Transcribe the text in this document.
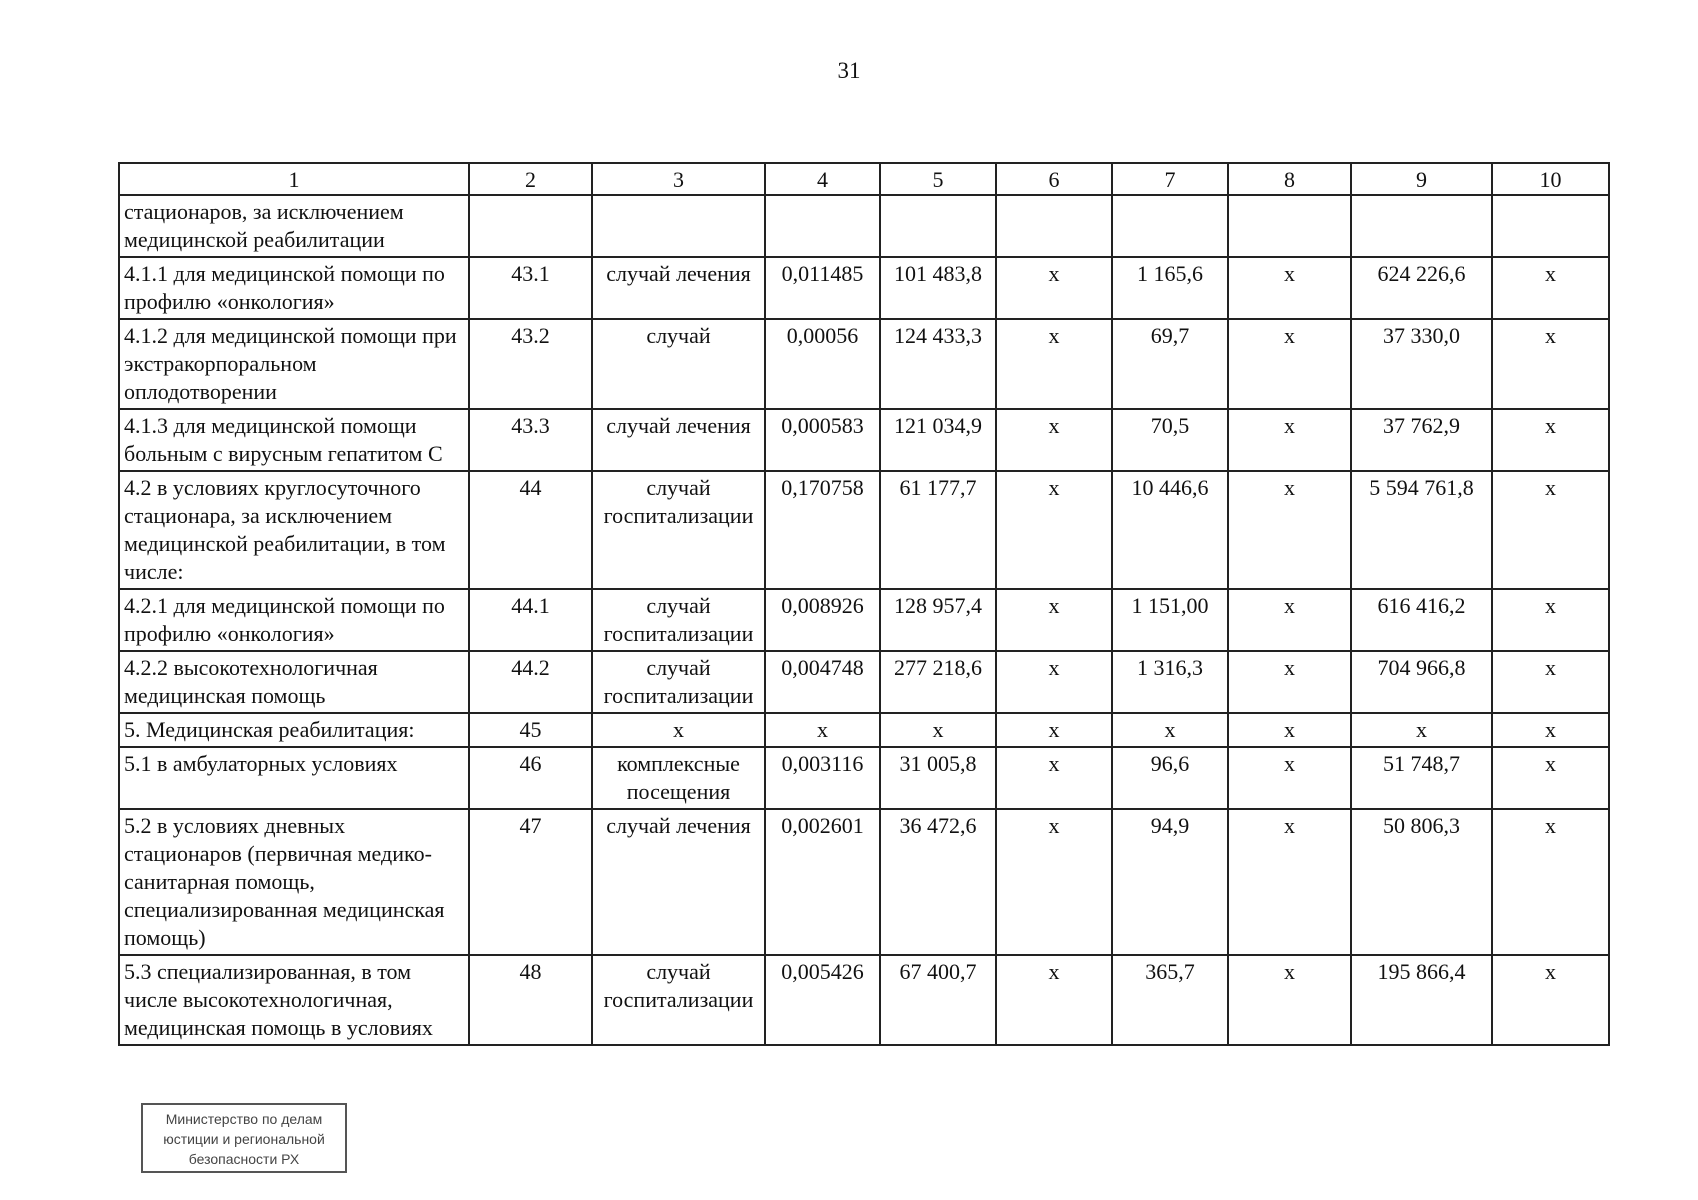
31
1	2	3	4	5	6	7	8	9	10
стационаров, за исключением медицинской реабилитации									
4.1.1 для медицинской помощи по профилю «онкология»	43.1	случай лечения	0,011485	101 483,8	х	1 165,6	х	624 226,6	х
4.1.2 для медицинской помощи при экстракорпоральном оплодотворении	43.2	случай	0,00056	124 433,3	х	69,7	х	37 330,0	х
4.1.3 для медицинской помощи больным с вирусным гепатитом С	43.3	случай лечения	0,000583	121 034,9	х	70,5	х	37 762,9	х
4.2 в условиях круглосуточного стационара, за исключением медицинской реабилитации, в том числе:	44	случай госпитализации	0,170758	61 177,7	х	10 446,6	х	5 594 761,8	х
4.2.1 для медицинской помощи по профилю «онкология»	44.1	случай госпитализации	0,008926	128 957,4	х	1 151,00	х	616 416,2	х
4.2.2 высокотехнологичная медицинская помощь	44.2	случай госпитализации	0,004748	277 218,6	х	1 316,3	х	704 966,8	х
5. Медицинская реабилитация:	45	х	х	х	х	х	х	х	х
5.1 в амбулаторных условиях	46	комплексные посещения	0,003116	31 005,8	х	96,6	х	51 748,7	х
5.2 в условиях дневных стационаров (первичная медико-санитарная помощь, специализированная медицинская помощь)	47	случай лечения	0,002601	36 472,6	х	94,9	х	50 806,3	х
5.3 специализированная, в том числе высокотехнологичная, медицинская помощь в условиях	48	случай госпитализации	0,005426	67 400,7	х	365,7	х	195 866,4	х
Министерство по делам
юстиции и региональной
безопасности РХ
